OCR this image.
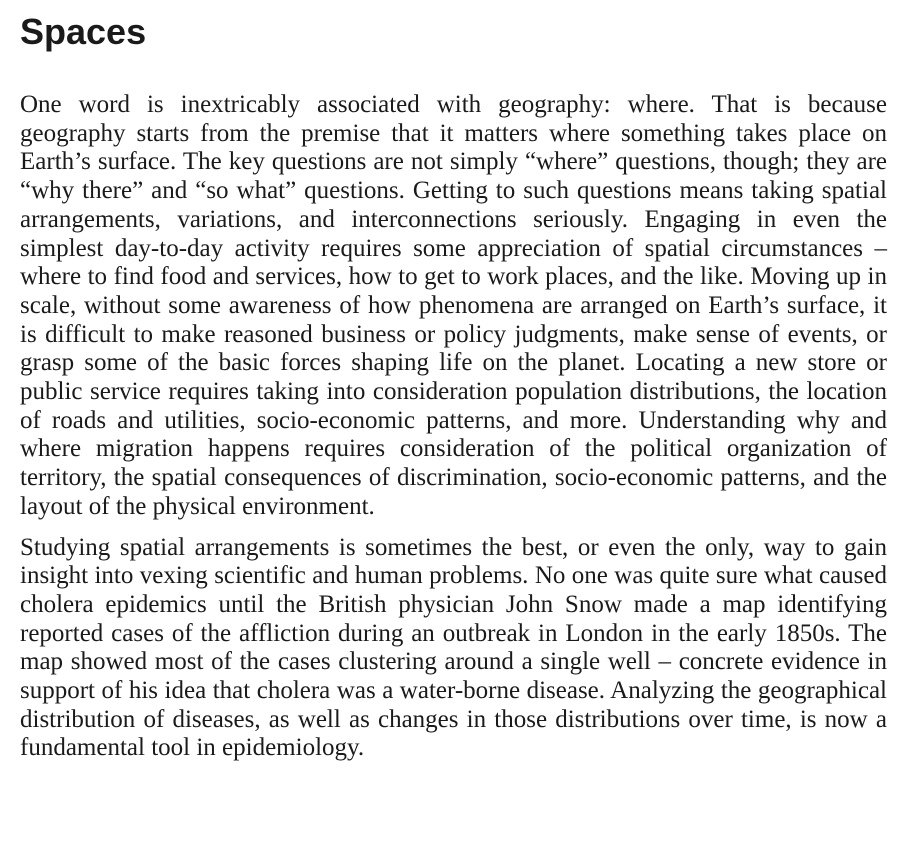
Spaces

One word is inextricably associated with geography: where. That is because geography starts from the premise that it matters where something takes place on Earth’s surface. The key questions are not simply “where” questions, though; they are “why there” and “so what” questions. Getting to such questions means taking spatial arrangements, variations, and interconnections seriously. Engaging in even the simplest day-to-day activity requires some appreciation of spatial circumstances – where to find food and services, how to get to work places, and the like. Moving up in scale, without some awareness of how phenomena are arranged on Earth’s surface, it is difficult to make reasoned business or policy judgments, make sense of events, or grasp some of the basic forces shaping life on the planet. Locating a new store or public service requires taking into consideration population distributions, the location of roads and utilities, socio-economic patterns, and more. Understanding why and where migration happens requires consideration of the political organization of territory, the spatial consequences of discrimination, socio-economic patterns, and the layout of the physical environment.

Studying spatial arrangements is sometimes the best, or even the only, way to gain insight into vexing scientific and human problems. No one was quite sure what caused cholera epidemics until the British physician John Snow made a map identifying reported cases of the affliction during an outbreak in London in the early 1850s. The map showed most of the cases clustering around a single well – concrete evidence in support of his idea that cholera was a water-borne disease. Analyzing the geographical distribution of diseases, as well as changes in those distributions over time, is now a fundamental tool in epidemiology.
